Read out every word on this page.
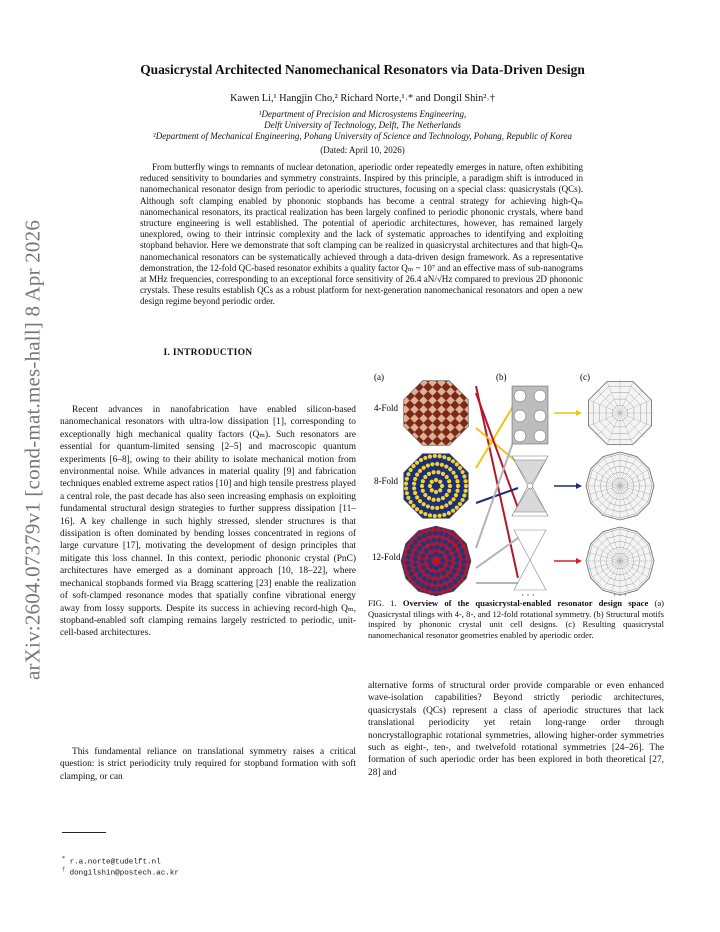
arXiv:2604.07379v1 [cond-mat.mes-hall] 8 Apr 2026
Quasicrystal Architected Nanomechanical Resonators via Data-Driven Design
Kawen Li,¹ Hangjin Cho,² Richard Norte,¹˒* and Dongil Shin²˒†
¹Department of Precision and Microsystems Engineering,
Delft University of Technology, Delft, The Netherlands
²Department of Mechanical Engineering, Pohang University of Science and Technology, Pohang, Republic of Korea
(Dated: April 10, 2026)

From butterfly wings to remnants of nuclear detonation, aperiodic order repeatedly emerges in nature, often exhibiting reduced sensitivity to boundaries and symmetry constraints. Inspired by this principle, a paradigm shift is introduced in nanomechanical resonator design from periodic to aperiodic structures, focusing on a special class: quasicrystals (QCs). Although soft clamping enabled by phononic stopbands has become a central strategy for achieving high-Qₘ nanomechanical resonators, its practical realization has been largely confined to periodic phononic crystals, where band structure engineering is well established. The potential of aperiodic architectures, however, has remained largely unexplored, owing to their intrinsic complexity and the lack of systematic approaches to identifying and exploiting stopband behavior. Here we demonstrate that soft clamping can be realized in quasicrystal architectures and that high-Qₘ nanomechanical resonators can be systematically achieved through a data-driven design framework. As a representative demonstration, the 12-fold QC-based resonator exhibits a quality factor Qₘ ~ 10⁷ and an effective mass of sub-nanograms at MHz frequencies, corresponding to an exceptional force sensitivity of 26.4 aN/√Hz compared to previous 2D phononic crystals. These results establish QCs as a robust platform for next-generation nanomechanical resonators and open a new design regime beyond periodic order.

I. INTRODUCTION

Recent advances in nanofabrication have enabled silicon-based nanomechanical resonators with ultra-low dissipation [1], corresponding to exceptionally high mechanical quality factors (Qₘ). Such resonators are essential for quantum-limited sensing [2–5] and macroscopic quantum experiments [6–8], owing to their ability to isolate mechanical motion from environmental noise. While advances in material quality [9] and fabrication techniques enabled extreme aspect ratios [10] and high tensile prestress played a central role, the past decade has also seen increasing emphasis on exploiting fundamental structural design strategies to further suppress dissipation [11–16]. A key challenge in such highly stressed, slender structures is that dissipation is often dominated by bending losses concentrated in regions of large curvature [17], motivating the development of design principles that mitigate this loss channel. In this context, periodic phononic crystal (PnC) architectures have emerged as a dominant approach [10, 18–22], where mechanical stopbands formed via Bragg scattering [23] enable the realization of soft-clamped resonance modes that spatially confine vibrational energy away from lossy supports. Despite its success in achieving record-high Qₘ, stopband-enabled soft clamping remains largely restricted to periodic, unit-cell-based architectures.

This fundamental reliance on translational symmetry raises a critical question: is strict periodicity truly required for stopband formation with soft clamping, or can

alternative forms of structural order provide comparable or even enhanced wave-isolation capabilities? Beyond strictly periodic architectures, quasicrystals (QCs) represent a class of aperiodic structures that lack translational periodicity yet retain long-range order through noncrystallographic rotational symmetries, allowing higher-order symmetries such as eight-, ten-, and twelvefold rotational symmetries [24–26]. The formation of such aperiodic order has been explored in both theoretical [27, 28] and
(a)	(b)	(c)
4-Fold
8-Fold
12-Fold
· · ·	· · ·	· · ·
FIG. 1. Overview of the quasicrystal-enabled resonator design space (a) Quasicrystal tilings with 4-, 8-, and 12-fold rotational symmetry. (b) Structural motifs inspired by phononic crystal unit cell designs. (c) Resulting quasicrystal nanomechanical resonator geometries enabled by aperiodic order.
* r.a.norte@tudelft.nl
† dongilshin@postech.ac.kr
